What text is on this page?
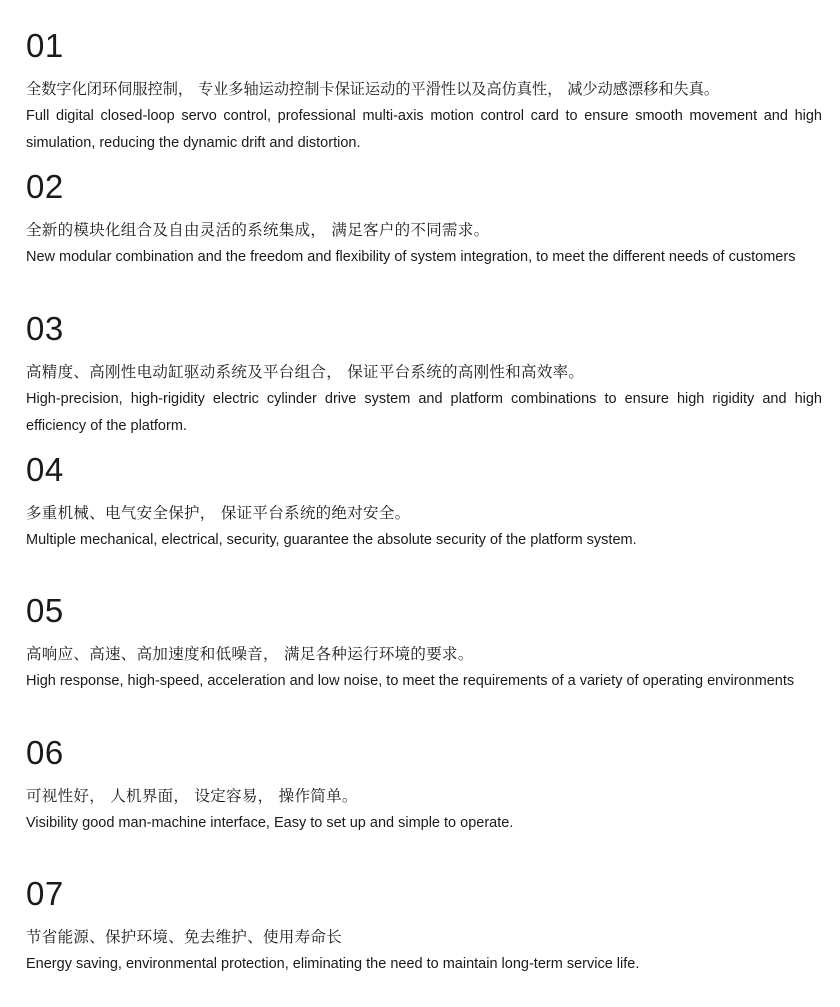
01
全数字化闭环伺服控制， 专业多轴运动控制卡保证运动的平滑性以及高仿真性， 减少动感漂移和失真。
Full digital closed-loop servo control, professional multi-axis motion control card to ensure smooth movement and high simulation, reducing the dynamic drift and distortion.
02
全新的模块化组合及自由灵活的系统集成， 满足客户的不同需求。
New modular combination and the freedom and flexibility of system integration, to meet the different needs of customers
03
高精度、高刚性电动缸驱动系统及平台组合， 保证平台系统的高刚性和高效率。
High-precision, high-rigidity electric cylinder drive system and platform combinations to ensure high rigidity and high efficiency of the platform.
04
多重机械、电气安全保护， 保证平台系统的绝对安全。
Multiple mechanical, electrical, security, guarantee the absolute security of the platform system.
05
高响应、高速、高加速度和低噪音， 满足各种运行环境的要求。
High response, high-speed, acceleration and low noise, to meet the requirements of a variety of operating environments
06
可视性好， 人机界面， 设定容易， 操作简单。
Visibility good man-machine interface, Easy to set up and simple to operate.
07
节省能源、保护环境、免去维护、使用寿命长
Energy saving, environmental protection, eliminating the need to maintain long-term service life.
